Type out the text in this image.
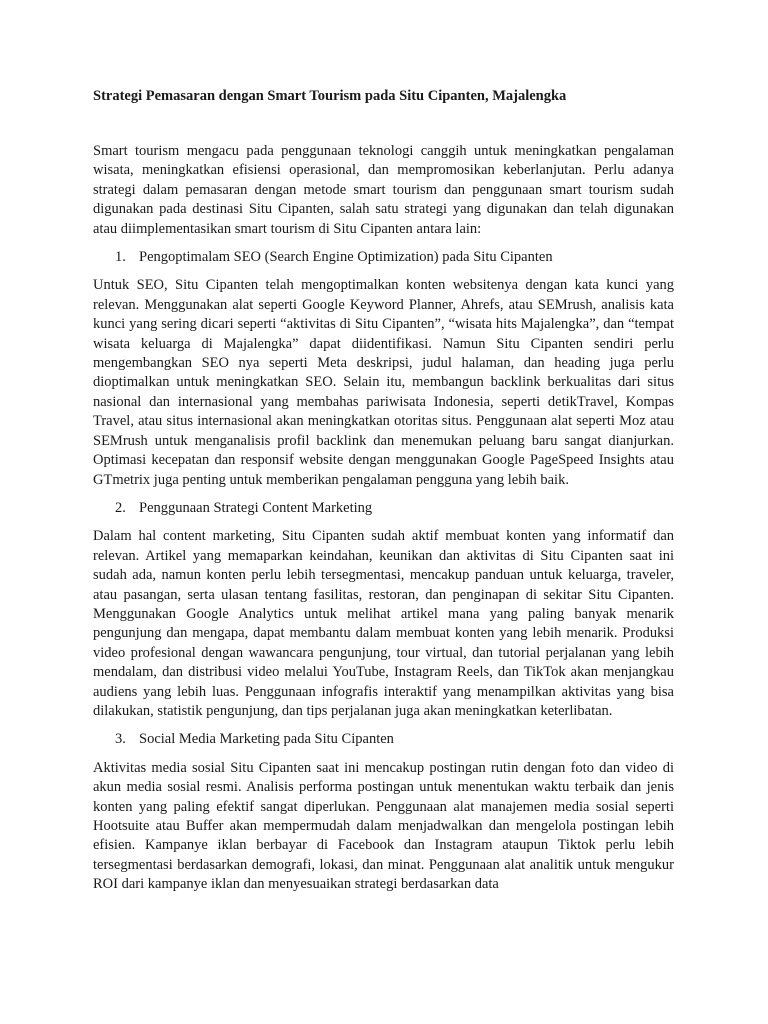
Strategi Pemasaran dengan Smart Tourism pada Situ Cipanten, Majalengka

Smart tourism mengacu pada penggunaan teknologi canggih untuk meningkatkan pengalaman wisata, meningkatkan efisiensi operasional, dan mempromosikan keberlanjutan. Perlu adanya strategi dalam pemasaran dengan metode smart tourism dan penggunaan smart tourism sudah digunakan pada destinasi Situ Cipanten, salah satu strategi yang digunakan dan telah digunakan atau diimplementasikan smart tourism di Situ Cipanten antara lain:

1. Pengoptimalam SEO (Search Engine Optimization) pada Situ Cipanten

Untuk SEO, Situ Cipanten telah mengoptimalkan konten websitenya dengan kata kunci yang relevan. Menggunakan alat seperti Google Keyword Planner, Ahrefs, atau SEMrush, analisis kata kunci yang sering dicari seperti “aktivitas di Situ Cipanten”, “wisata hits Majalengka”, dan “tempat wisata keluarga di Majalengka” dapat diidentifikasi. Namun Situ Cipanten sendiri perlu mengembangkan SEO nya seperti Meta deskripsi, judul halaman, dan heading juga perlu dioptimalkan untuk meningkatkan SEO. Selain itu, membangun backlink berkualitas dari situs nasional dan internasional yang membahas pariwisata Indonesia, seperti detikTravel, Kompas Travel, atau situs internasional akan meningkatkan otoritas situs. Penggunaan alat seperti Moz atau SEMrush untuk menganalisis profil backlink dan menemukan peluang baru sangat dianjurkan. Optimasi kecepatan dan responsif website dengan menggunakan Google PageSpeed Insights atau GTmetrix juga penting untuk memberikan pengalaman pengguna yang lebih baik.

2. Penggunaan Strategi Content Marketing

Dalam hal content marketing, Situ Cipanten sudah aktif membuat konten yang informatif dan relevan. Artikel yang memaparkan keindahan, keunikan dan aktivitas di Situ Cipanten saat ini sudah ada, namun konten perlu lebih tersegmentasi, mencakup panduan untuk keluarga, traveler, atau pasangan, serta ulasan tentang fasilitas, restoran, dan penginapan di sekitar Situ Cipanten. Menggunakan Google Analytics untuk melihat artikel mana yang paling banyak menarik pengunjung dan mengapa, dapat membantu dalam membuat konten yang lebih menarik. Produksi video profesional dengan wawancara pengunjung, tour virtual, dan tutorial perjalanan yang lebih mendalam, dan distribusi video melalui YouTube, Instagram Reels, dan TikTok akan menjangkau audiens yang lebih luas. Penggunaan infografis interaktif yang menampilkan aktivitas yang bisa dilakukan, statistik pengunjung, dan tips perjalanan juga akan meningkatkan keterlibatan.

3. Social Media Marketing pada Situ Cipanten

Aktivitas media sosial Situ Cipanten saat ini mencakup postingan rutin dengan foto dan video di akun media sosial resmi. Analisis performa postingan untuk menentukan waktu terbaik dan jenis konten yang paling efektif sangat diperlukan. Penggunaan alat manajemen media sosial seperti Hootsuite atau Buffer akan mempermudah dalam menjadwalkan dan mengelola postingan lebih efisien. Kampanye iklan berbayar di Facebook dan Instagram ataupun Tiktok perlu lebih tersegmentasi berdasarkan demografi, lokasi, dan minat. Penggunaan alat analitik untuk mengukur ROI dari kampanye iklan dan menyesuaikan strategi berdasarkan data
